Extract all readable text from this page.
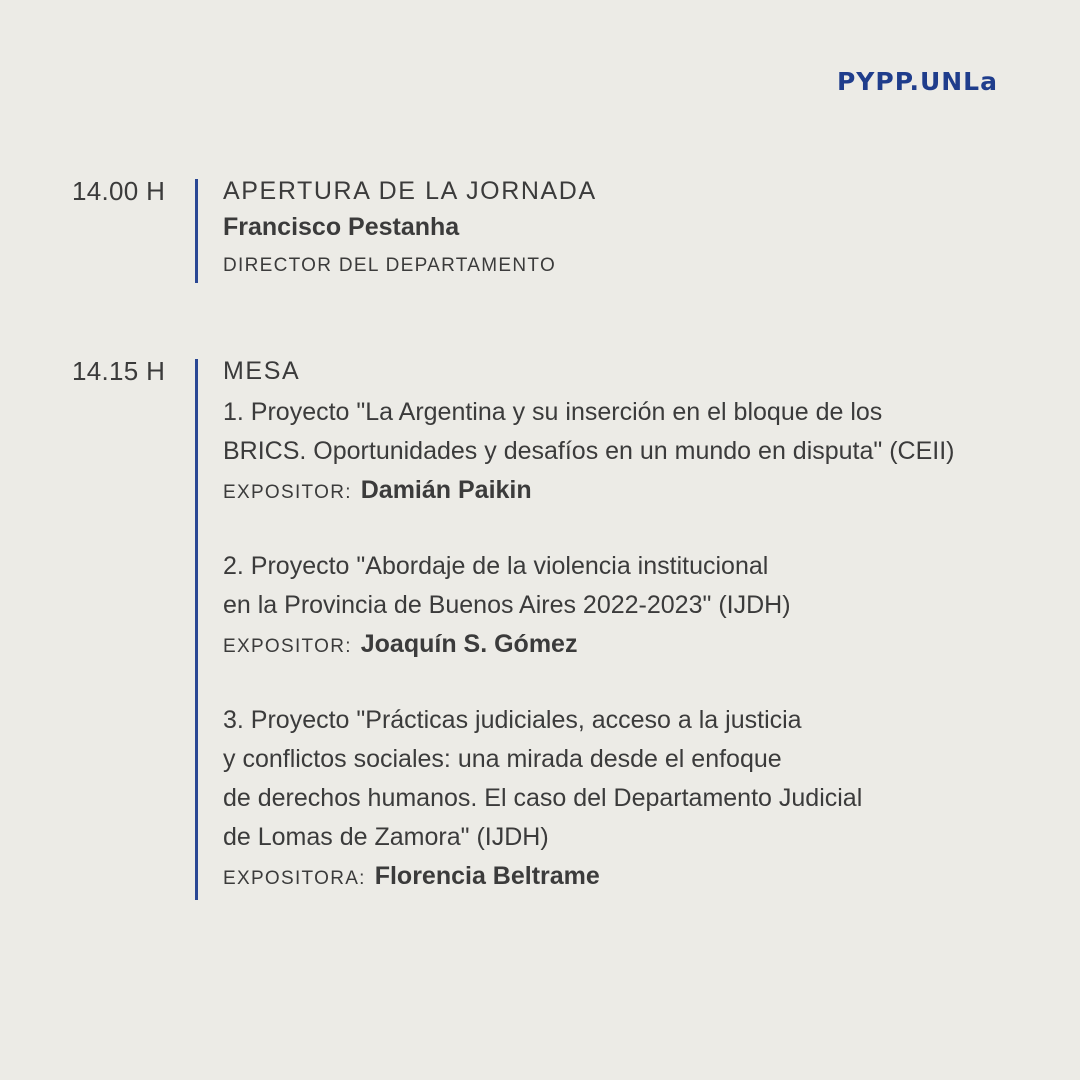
PYPP.UNLa
14.00 H APERTURA DE LA JORNADA
Francisco Pestanha
DIRECTOR DEL DEPARTAMENTO
14.15 H MESA
1. Proyecto "La Argentina y su inserción en el bloque de los
BRICS. Oportunidades y desafíos en un mundo en disputa" (CEII)
EXPOSITOR: Damián Paikin
2. Proyecto "Abordaje de la violencia institucional
en la Provincia de Buenos Aires 2022-2023" (IJDH)
EXPOSITOR: Joaquín S. Gómez
3. Proyecto "Prácticas judiciales, acceso a la justicia
y conflictos sociales: una mirada desde el enfoque
de derechos humanos. El caso del Departamento Judicial
de Lomas de Zamora" (IJDH)
EXPOSITORA: Florencia Beltrame
